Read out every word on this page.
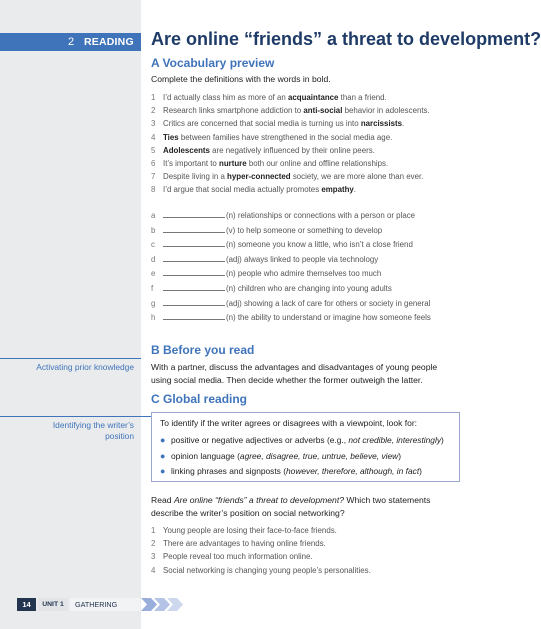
2 READING Are online “friends” a threat to development?
A Vocabulary preview
Complete the definitions with the words in bold.
1 I’d actually class him as more of an acquaintance than a friend.
2 Research links smartphone addiction to anti-social behavior in adolescents.
3 Critics are concerned that social media is turning us into narcissists.
4 Ties between families have strengthened in the social media age.
5 Adolescents are negatively influenced by their online peers.
6 It’s important to nurture both our online and offline relationships.
7 Despite living in a hyper-connected society, we are more alone than ever.
8 I’d argue that social media actually promotes empathy.
a	(n) relationships or connections with a person or place
b	(v) to help someone or something to develop
c	(n) someone you know a little, who isn’t a close friend
d	(adj) always linked to people via technology
e	(n) people who admire themselves too much
f	(n) children who are changing into young adults
g	(adj) showing a lack of care for others or society in general
h	(n) the ability to understand or imagine how someone feels
B Before you read
Activating prior knowledge With a partner, discuss the advantages and disadvantages of young people
using social media. Then decide whether the former outweigh the latter.
C Global reading
Identifying the writer’s
position
To identify if the writer agrees or disagrees with a viewpoint, look for:
● positive or negative adjectives or adverbs (e.g., not credible, interestingly)
● opinion language (agree, disagree, true, untrue, believe, view)
● linking phrases and signposts (however, therefore, although, in fact)
Read Are online “friends” a threat to development? Which two statements
describe the writer’s position on social networking?
1 Young people are losing their face-to-face friends.
2 There are advantages to having online friends.
3 People reveal too much information online.
4 Social networking is changing young people’s personalities.
14	UNIT 1	GATHERING
